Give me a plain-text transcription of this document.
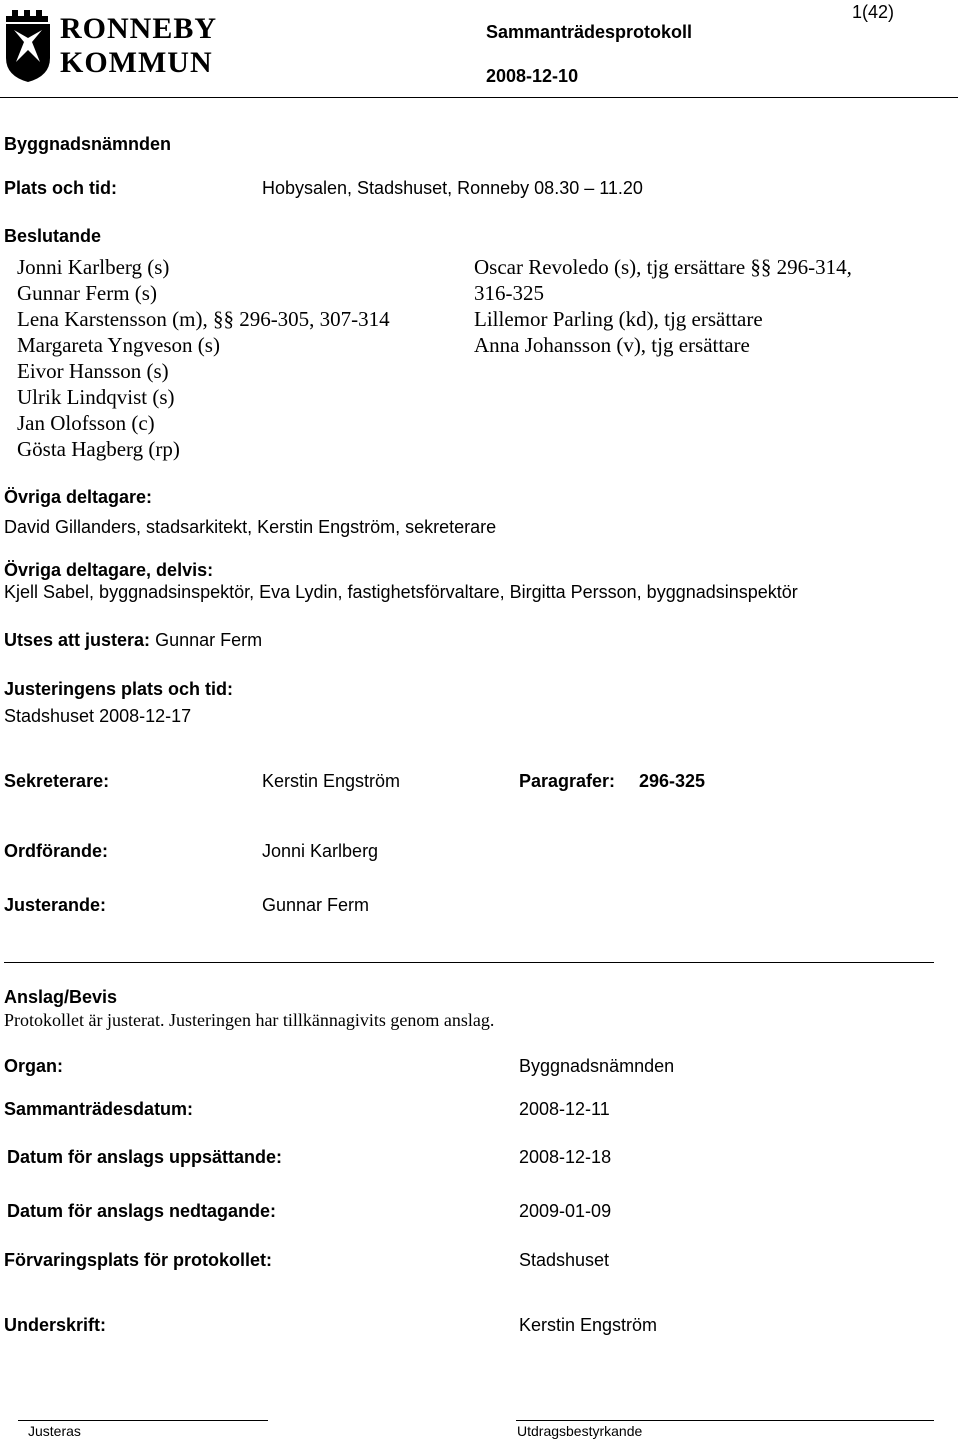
RONNEBY
KOMMUN
1(42)
Sammanträdesprotokoll
2008-12-10
Byggnadsnämnden
Plats och tid:	Hobysalen, Stadshuset, Ronneby 08.30 – 11.20
Beslutande
Jonni Karlberg (s)
Gunnar Ferm (s)
Lena Karstensson (m), §§ 296-305, 307-314
Margareta Yngveson (s)
Eivor Hansson (s)
Ulrik Lindqvist (s)
Jan Olofsson (c)
Gösta Hagberg (rp)
Oscar Revoledo (s), tjg ersättare §§ 296-314,
316-325
Lillemor Parling (kd), tjg ersättare
Anna Johansson (v), tjg ersättare
Övriga deltagare:
David Gillanders, stadsarkitekt, Kerstin Engström, sekreterare
Övriga deltagare, delvis:
Kjell Sabel, byggnadsinspektör, Eva Lydin, fastighetsförvaltare, Birgitta Persson, byggnadsinspektör
Utses att justera: Gunnar Ferm
Justeringens plats och tid:
Stadshuset 2008-12-17
Sekreterare:	Kerstin Engström	Paragrafer: 296-325
Ordförande:	Jonni Karlberg
Justerande:	Gunnar Ferm
Anslag/Bevis
Protokollet är justerat. Justeringen har tillkännagivits genom anslag.
Organ:	Byggnadsnämnden
Sammanträdesdatum:	2008-12-11
Datum för anslags uppsättande:	2008-12-18
Datum för anslags nedtagande:	2009-01-09
Förvaringsplats för protokollet:	Stadshuset
Underskrift:	Kerstin Engström
Justeras	Utdragsbestyrkande
